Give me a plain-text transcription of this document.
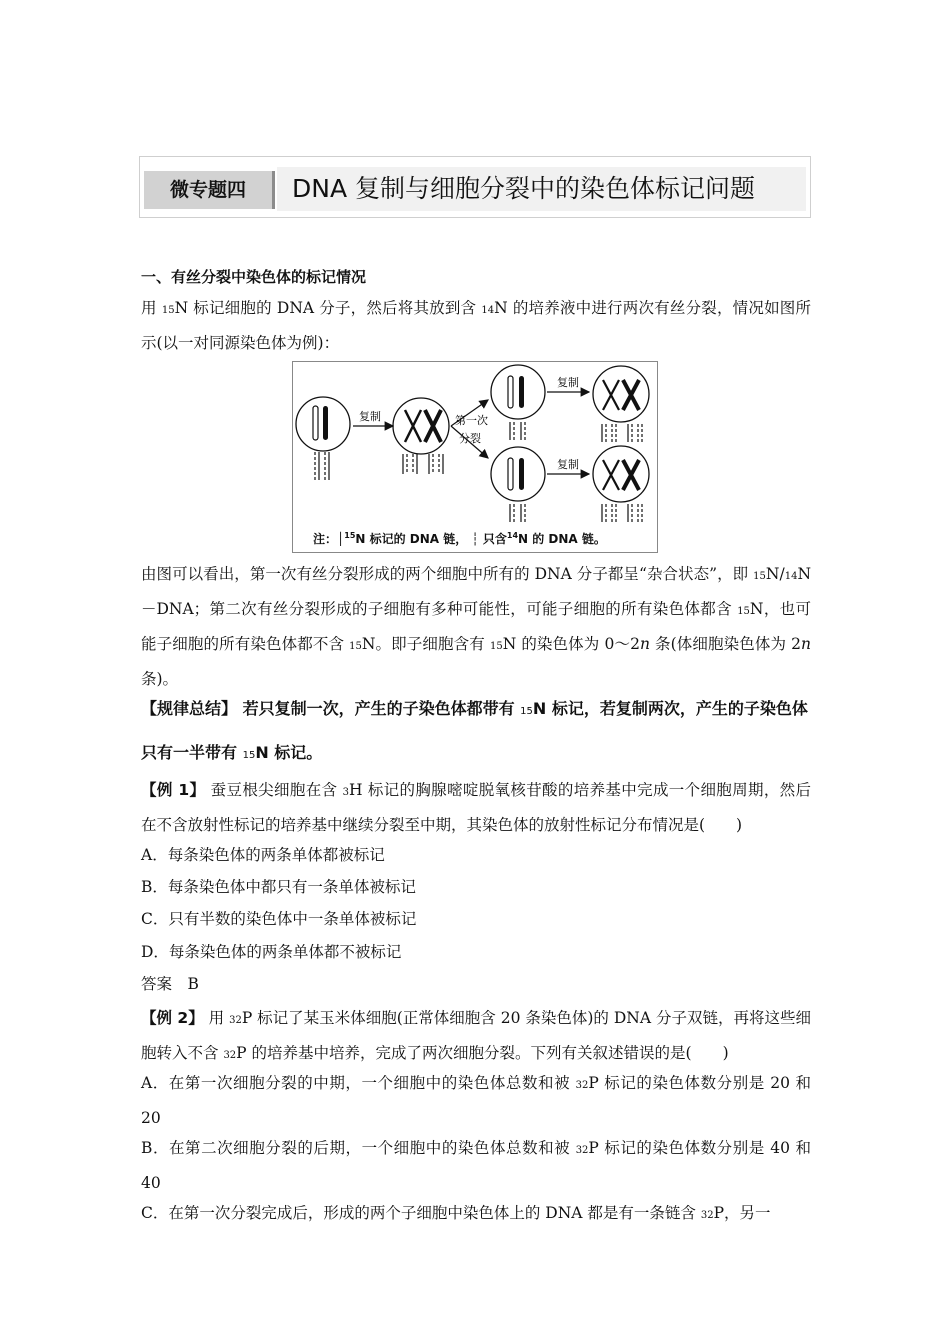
微专题四	DNA 复制与细胞分裂中的染色体标记问题
一、有丝分裂中染色体的标记情况
用 15N 标记细胞的 DNA 分子，然后将其放到含 14N 的培养液中进行两次有丝分裂，情况如图所示(以一对同源染色体为例)：
复制	第一次
分裂
复制
复制
注：│$^{15}$N 标记的 DNA 链， ┆ 只含$^{14}$N 的 DNA 链。
由图可以看出，第一次有丝分裂形成的两个细胞中所有的 DNA 分子都呈“杂合状态”，即 15N/14N－DNA；第二次有丝分裂形成的子细胞有多种可能性，可能子细胞的所有染色体都含 15N，也可能子细胞的所有染色体都不含 15N。即子细胞含有 15N 的染色体为 0～2n 条(体细胞染色体为 2n 条)。
【规律总结】 若只复制一次，产生的子染色体都带有 15N 标记，若复制两次，产生的子染色体只有一半带有 15N 标记。
【例 1】 蚕豆根尖细胞在含 3H 标记的胸腺嘧啶脱氧核苷酸的培养基中完成一个细胞周期，然后在不含放射性标记的培养基中继续分裂至中期，其染色体的放射性标记分布情况是(　　)
A．每条染色体的两条单体都被标记
B．每条染色体中都只有一条单体被标记
C．只有半数的染色体中一条单体被标记
D．每条染色体的两条单体都不被标记
答案　B
【例 2】 用 32P 标记了某玉米体细胞(正常体细胞含 20 条染色体)的 DNA 分子双链，再将这些细胞转入不含 32P 的培养基中培养，完成了两次细胞分裂。下列有关叙述错误的是(　　)
A．在第一次细胞分裂的中期，一个细胞中的染色体总数和被 32P 标记的染色体数分别是 20 和 20
B．在第二次细胞分裂的后期，一个细胞中的染色体总数和被 32P 标记的染色体数分别是 40 和 40
C．在第一次分裂完成后，形成的两个子细胞中染色体上的 DNA 都是有一条链含 32P，另一
